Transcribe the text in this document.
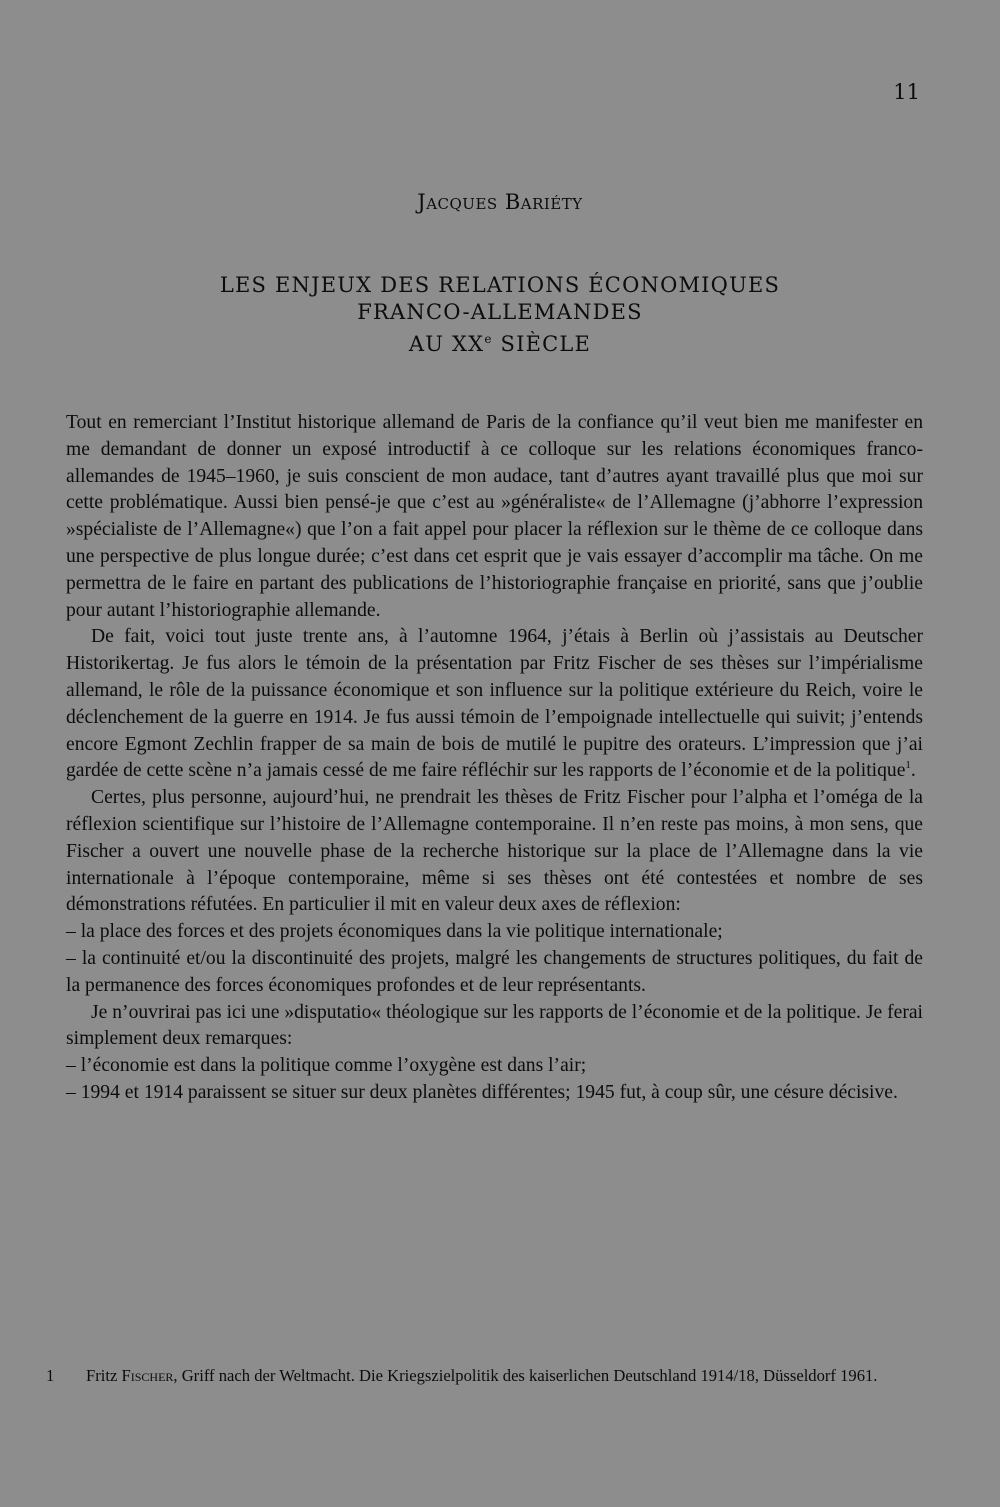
11
Jacques Bariéty
LES ENJEUX DES RELATIONS ÉCONOMIQUES
FRANCO-ALLEMANDES
AU XXe SIÈCLE

Tout en remerciant l’Institut historique allemand de Paris de la confiance qu’il veut bien me manifester en me demandant de donner un exposé introductif à ce colloque sur les relations économiques franco-allemandes de 1945–1960, je suis conscient de mon audace, tant d’autres ayant travaillé plus que moi sur cette problématique. Aussi bien pensé-je que c’est au »généraliste« de l’Allemagne (j’abhorre l’expression »spécialiste de l’Allemagne«) que l’on a fait appel pour placer la réflexion sur le thème de ce colloque dans une perspective de plus longue durée; c’est dans cet esprit que je vais essayer d’accomplir ma tâche. On me permettra de le faire en partant des publications de l’historiographie française en priorité, sans que j’oublie pour autant l’historiographie allemande.

De fait, voici tout juste trente ans, à l’automne 1964, j’étais à Berlin où j’assistais au Deutscher Historikertag. Je fus alors le témoin de la présentation par Fritz Fischer de ses thèses sur l’impérialisme allemand, le rôle de la puissance économique et son influence sur la politique extérieure du Reich, voire le déclenchement de la guerre en 1914. Je fus aussi témoin de l’empoignade intellectuelle qui suivit; j’entends encore Egmont Zechlin frapper de sa main de bois de mutilé le pupitre des orateurs. L’impression que j’ai gardée de cette scène n’a jamais cessé de me faire réfléchir sur les rapports de l’économie et de la politique$^1$.

Certes, plus personne, aujourd’hui, ne prendrait les thèses de Fritz Fischer pour l’alpha et l’oméga de la réflexion scientifique sur l’histoire de l’Allemagne contemporaine. Il n’en reste pas moins, à mon sens, que Fischer a ouvert une nouvelle phase de la recherche historique sur la place de l’Allemagne dans la vie internationale à l’époque contemporaine, même si ses thèses ont été contestées et nombre de ses démonstrations réfutées. En particulier il mit en valeur deux axes de réflexion:

– la place des forces et des projets économiques dans la vie politique internationale;

– la continuité et/ou la discontinuité des projets, malgré les changements de structures politiques, du fait de la permanence des forces économiques profondes et de leur représentants.

Je n’ouvrirai pas ici une »disputatio« théologique sur les rapports de l’économie et de la politique. Je ferai simplement deux remarques:

– l’économie est dans la politique comme l’oxygène est dans l’air;

– 1994 et 1914 paraissent se situer sur deux planètes différentes; 1945 fut, à coup sûr, une césure décisive.

1 Fritz Fischer, Griff nach der Weltmacht. Die Kriegszielpolitik des kaiserlichen Deutschland 1914/18, Düsseldorf 1961.
